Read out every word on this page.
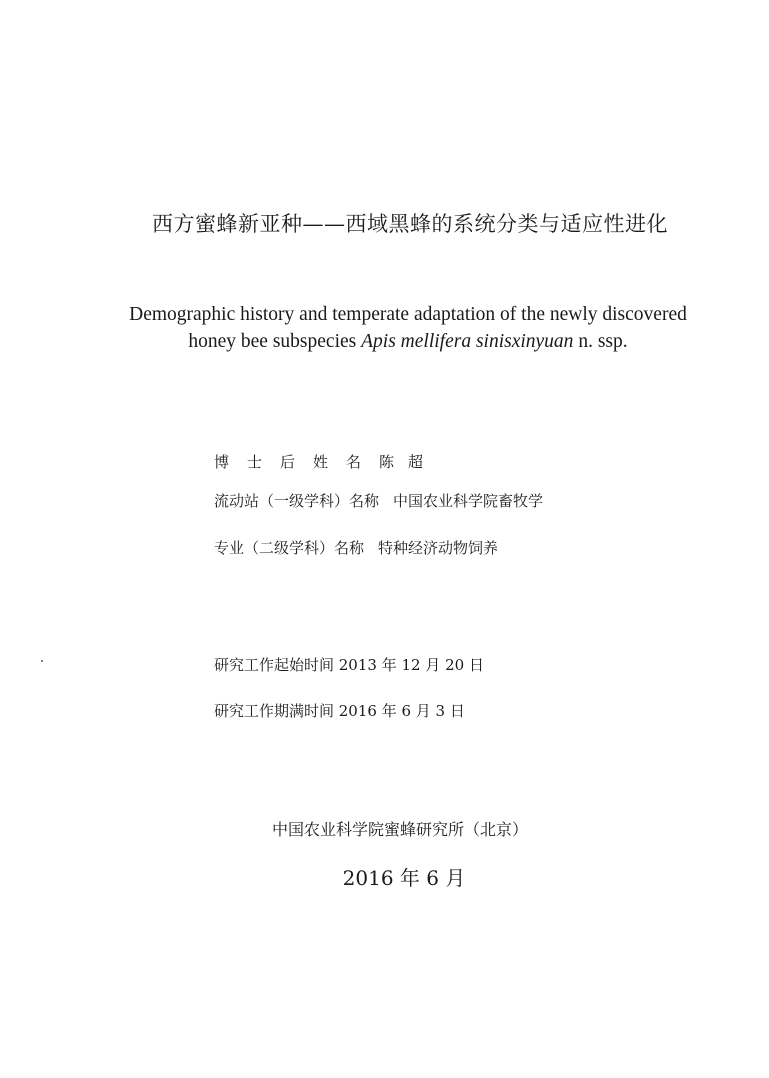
西方蜜蜂新亚种——西域黑蜂的系统分类与适应性进化
Demographic history and temperate adaptation of the newly discovered
honey bee subspecies Apis mellifera sinisxinyuan n. ssp.
博士后姓名陈超
流动站（一级学科）名称 中国农业科学院畜牧学
专业（二级学科）名称 特种经济动物饲养
研究工作起始时间 2013 年 12 月 20 日
研究工作期满时间 2016 年 6 月 3 日
中国农业科学院蜜蜂研究所（北京）
2016 年 6 月
